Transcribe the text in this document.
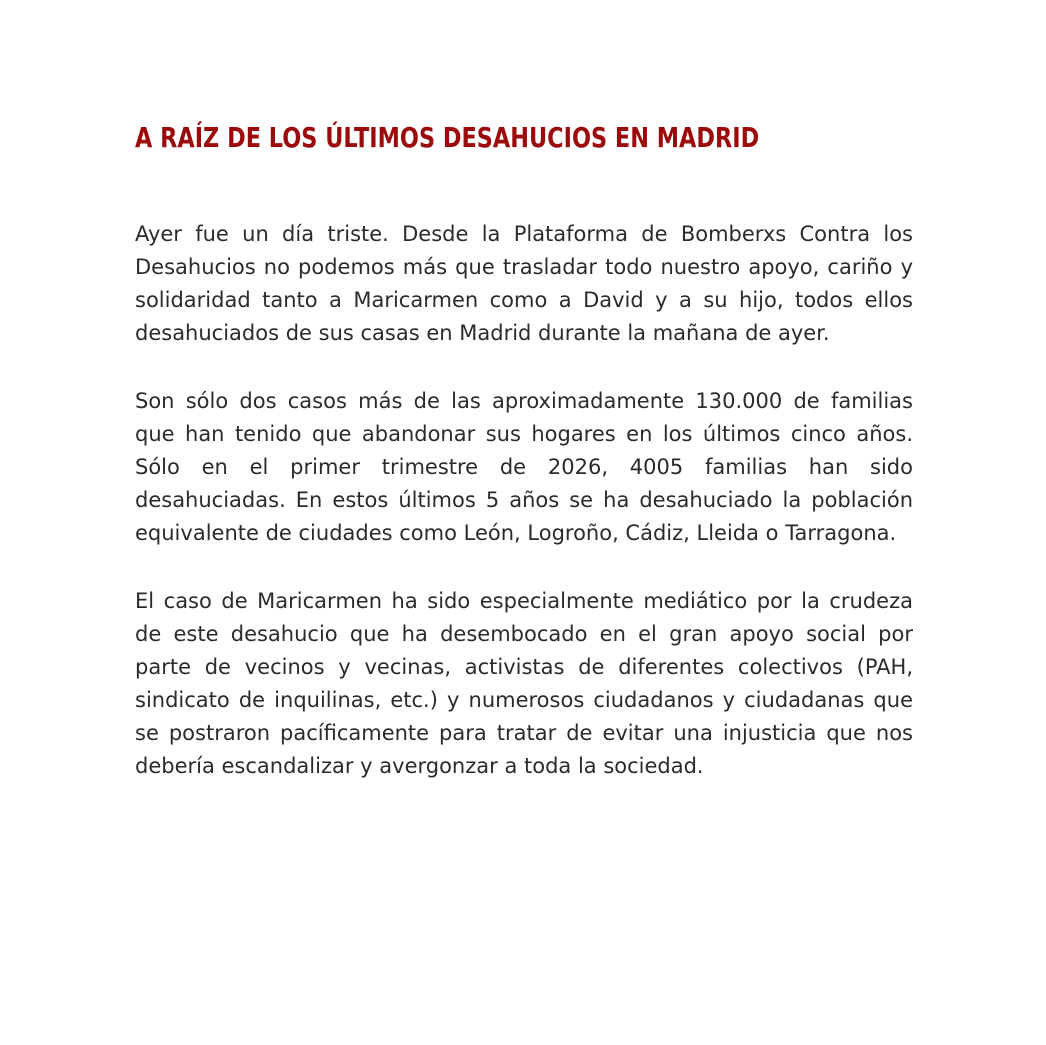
A RAÍZ DE LOS ÚLTIMOS DESAHUCIOS EN MADRID

Ayer fue un día triste. Desde la Plataforma de Bomberxs Contra los Desahucios no podemos más que trasladar todo nuestro apoyo, cariño y solidaridad tanto a Maricarmen como a David y a su hijo, todos ellos desahuciados de sus casas en Madrid durante la mañana de ayer.

Son sólo dos casos más de las aproximadamente 130.000 de familias que han tenido que abandonar sus hogares en los últimos cinco años. Sólo en el primer trimestre de 2026, 4005 familias han sido desahuciadas. En estos últimos 5 años se ha desahuciado la población equivalente de ciudades como León, Logroño, Cádiz, Lleida o Tarragona.

El caso de Maricarmen ha sido especialmente mediático por la crudeza de este desahucio que ha desembocado en el gran apoyo social por parte de vecinos y vecinas, activistas de diferentes colectivos (PAH, sindicato de inquilinas, etc.) y numerosos ciudadanos y ciudadanas que se postraron pacíficamente para tratar de evitar una injusticia que nos debería escandalizar y avergonzar a toda la sociedad.
